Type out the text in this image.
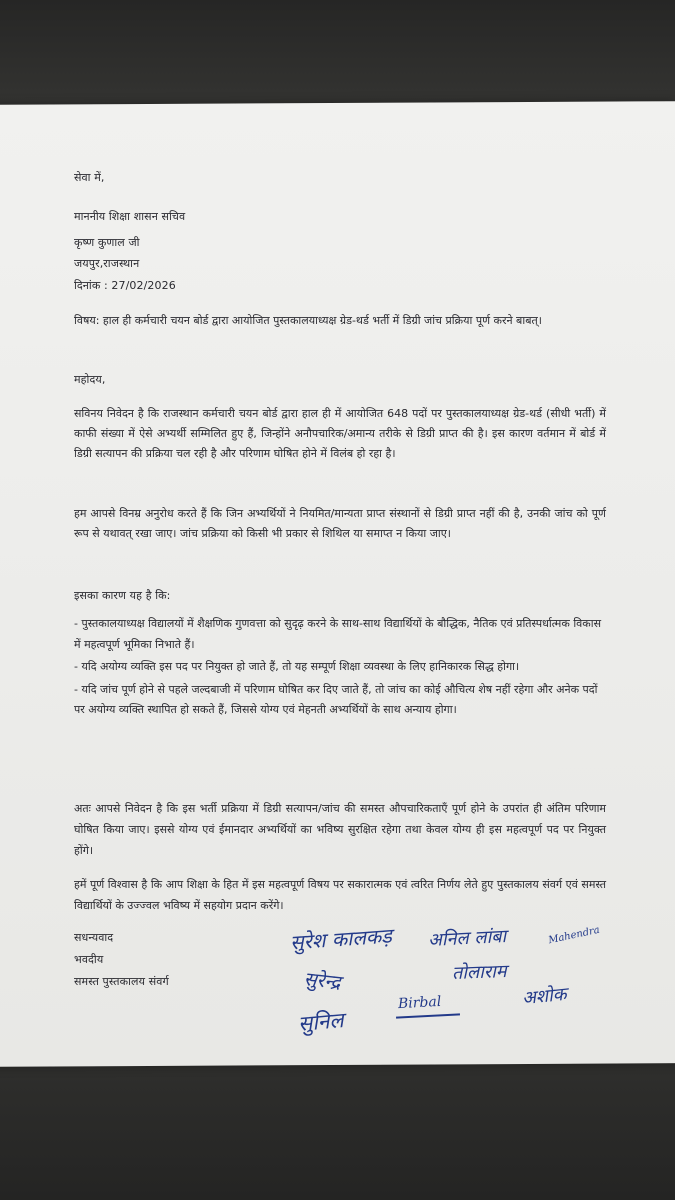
सेवा में,
माननीय शिक्षा शासन सचिव
कृष्ण कुणाल जी
जयपुर,राजस्थान
दिनांक : 27/02/2026
विषय: हाल ही कर्मचारी चयन बोर्ड द्वारा आयोजित पुस्तकालयाध्यक्ष ग्रेड-थर्ड भर्ती में डिग्री जांच प्रक्रिया पूर्ण करने बाबत्।
महोदय,
सविनय निवेदन है कि राजस्थान कर्मचारी चयन बोर्ड द्वारा हाल ही में आयोजित 648 पदों पर पुस्तकालयाध्यक्ष ग्रेड-थर्ड (सीधी भर्ती) में काफी संख्या में ऐसे अभ्यर्थी सम्मिलित हुए हैं, जिन्होंने अनौपचारिक/अमान्य तरीके से डिग्री प्राप्त की है। इस कारण वर्तमान में बोर्ड में डिग्री सत्यापन की प्रक्रिया चल रही है और परिणाम घोषित होने में विलंब हो रहा है।
हम आपसे विनम्र अनुरोध करते हैं कि जिन अभ्यर्थियों ने नियमित/मान्यता प्राप्त संस्थानों से डिग्री प्राप्त नहीं की है, उनकी जांच को पूर्ण रूप से यथावत् रखा जाए। जांच प्रक्रिया को किसी भी प्रकार से शिथिल या समाप्त न किया जाए।
इसका कारण यह है कि:

- पुस्तकालयाध्यक्ष विद्यालयों में शैक्षणिक गुणवत्ता को सुदृढ़ करने के साथ-साथ विद्यार्थियों के बौद्धिक, नैतिक एवं प्रतिस्पर्धात्मक विकास में महत्वपूर्ण भूमिका निभाते हैं।

- यदि अयोग्य व्यक्ति इस पद पर नियुक्त हो जाते हैं, तो यह सम्पूर्ण शिक्षा व्यवस्था के लिए हानिकारक सिद्ध होगा।

- यदि जांच पूर्ण होने से पहले जल्दबाजी में परिणाम घोषित कर दिए जाते हैं, तो जांच का कोई औचित्य शेष नहीं रहेगा और अनेक पदों पर अयोग्य व्यक्ति स्थापित हो सकते हैं, जिससे योग्य एवं मेहनती अभ्यर्थियों के साथ अन्याय होगा।

अतः आपसे निवेदन है कि इस भर्ती प्रक्रिया में डिग्री सत्यापन/जांच की समस्त औपचारिकताएँ पूर्ण होने के उपरांत ही अंतिम परिणाम घोषित किया जाए। इससे योग्य एवं ईमानदार अभ्यर्थियों का भविष्य सुरक्षित रहेगा तथा केवल योग्य ही इस महत्वपूर्ण पद पर नियुक्त होंगे।
हमें पूर्ण विश्वास है कि आप शिक्षा के हित में इस महत्वपूर्ण विषय पर सकारात्मक एवं त्वरित निर्णय लेते हुए पुस्तकालय संवर्ग एवं समस्त विद्यार्थियों के उज्ज्वल भविष्य में सहयोग प्रदान करेंगे।
सधन्यवाद
भवदीय
समस्त पुस्तकालय संवर्ग
सुरेश कालकड़ अनिल लांबा	Mahendra
सुरेन्द्र	तोलाराम
अशोक
सुनिल
Birbal
